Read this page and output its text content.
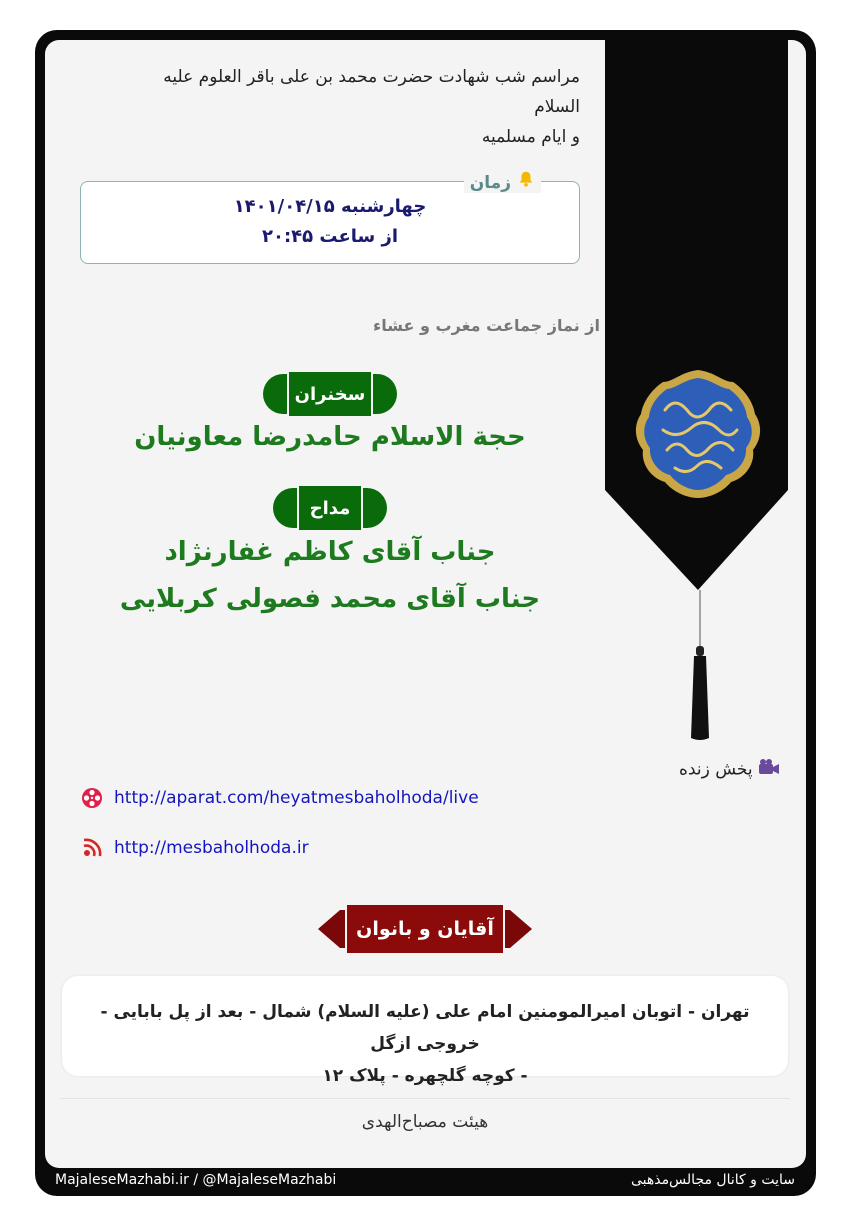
مراسم شب شهادت حضرت محمد بن علی باقر العلوم علیه
السلام
و ایام مسلمیه
زمان
چهارشنبه ۱۴۰۱/۰۴/۱۵
از ساعت ۲۰:۴۵
از نماز جماعت مغرب و عشاء
سخنران
حجة الاسلام حامدرضا معاونیان
مداح
جناب آقای کاظم غفارنژاد
جناب آقای محمد فصولی کربلایی
پخش زنده
http://aparat.com/heyatmesbaholhoda/live
http://mesbaholhoda.ir
آقایان و بانوان
تهران - اتوبان امیرالمومنین امام علی (علیه السلام) شمال - بعد از پل بابایی - خروجی ازگل
- کوچه گلچهره - پلاک ۱۲
هیئت مصباح‌الهدی
MajaleseMazhabi.ir / @MajaleseMazhabi	سایت و کانال مجالس‌مذهبی
